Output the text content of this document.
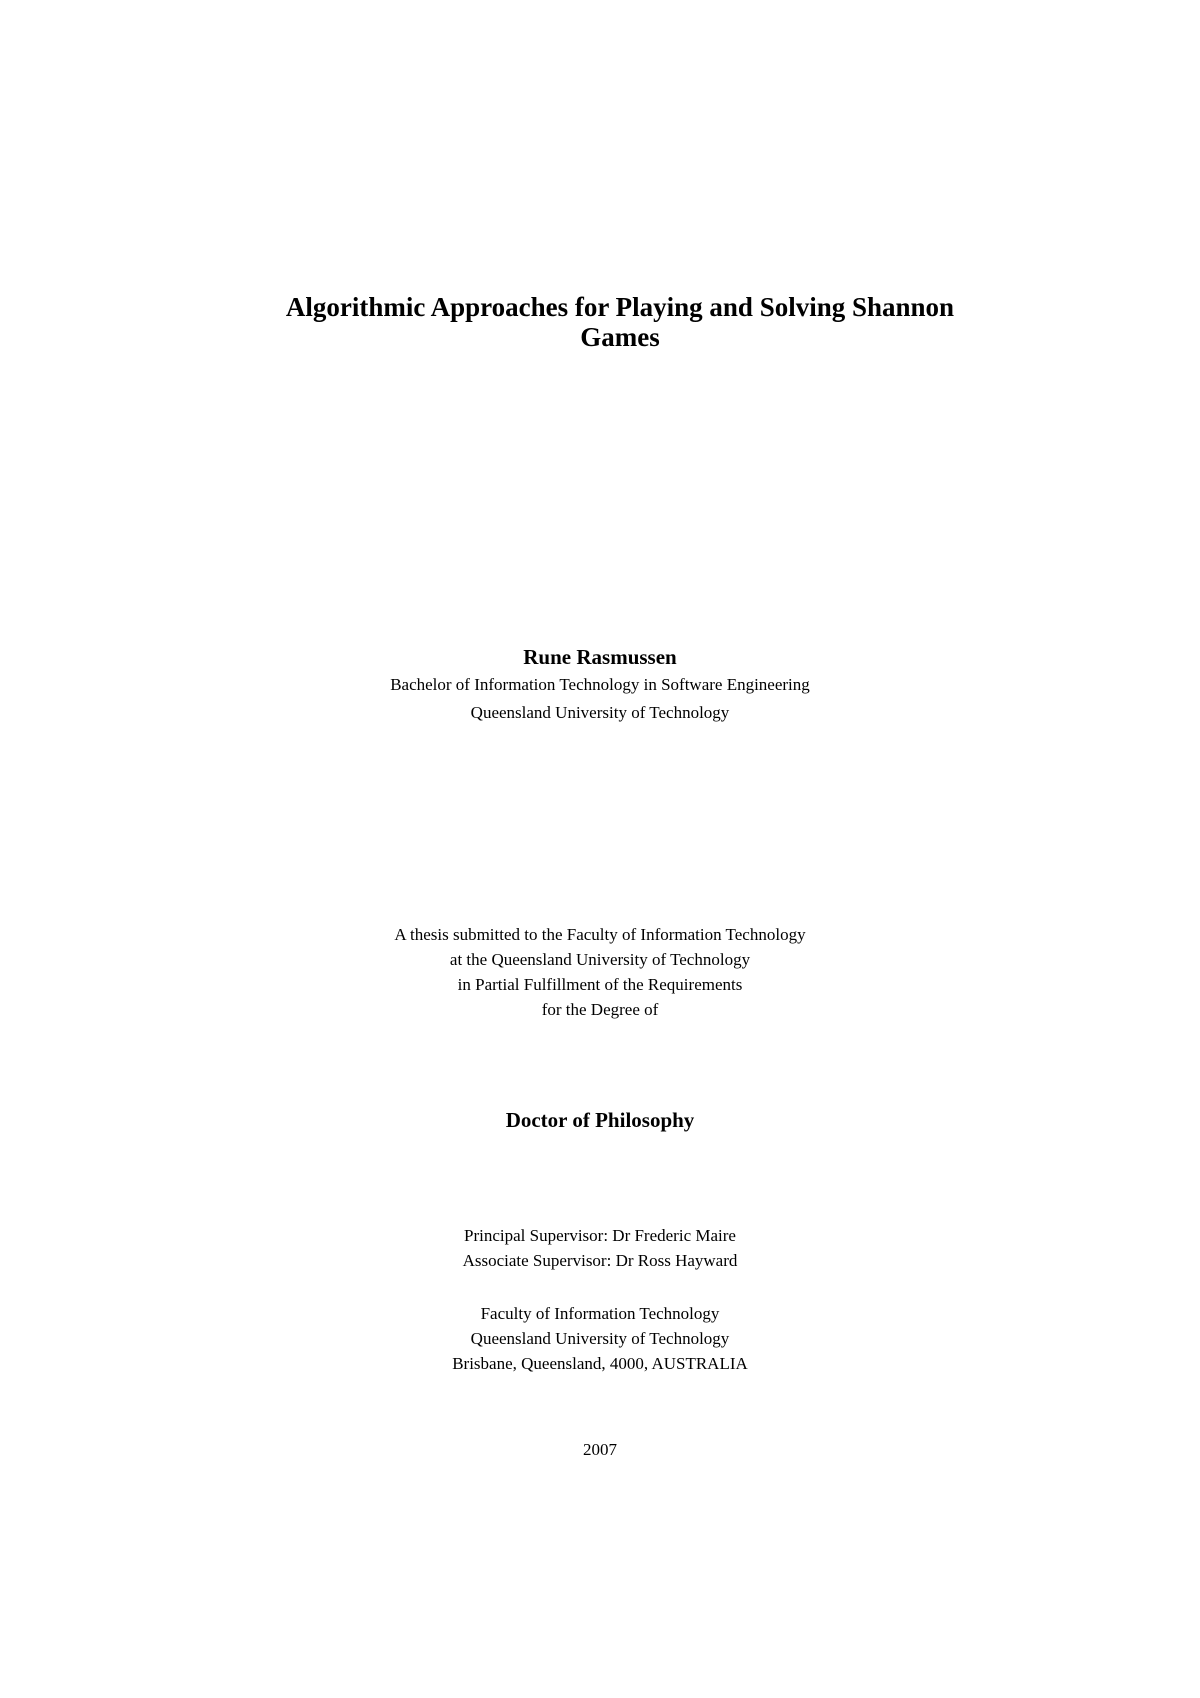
Algorithmic Approaches for Playing and Solving Shannon
Games
Rune Rasmussen
Bachelor of Information Technology in Software Engineering
Queensland University of Technology
A thesis submitted to the Faculty of Information Technology
at the Queensland University of Technology
in Partial Fulfillment of the Requirements
for the Degree of
Doctor of Philosophy
Principal Supervisor: Dr Frederic Maire
Associate Supervisor: Dr Ross Hayward
Faculty of Information Technology
Queensland University of Technology
Brisbane, Queensland, 4000, AUSTRALIA
2007
